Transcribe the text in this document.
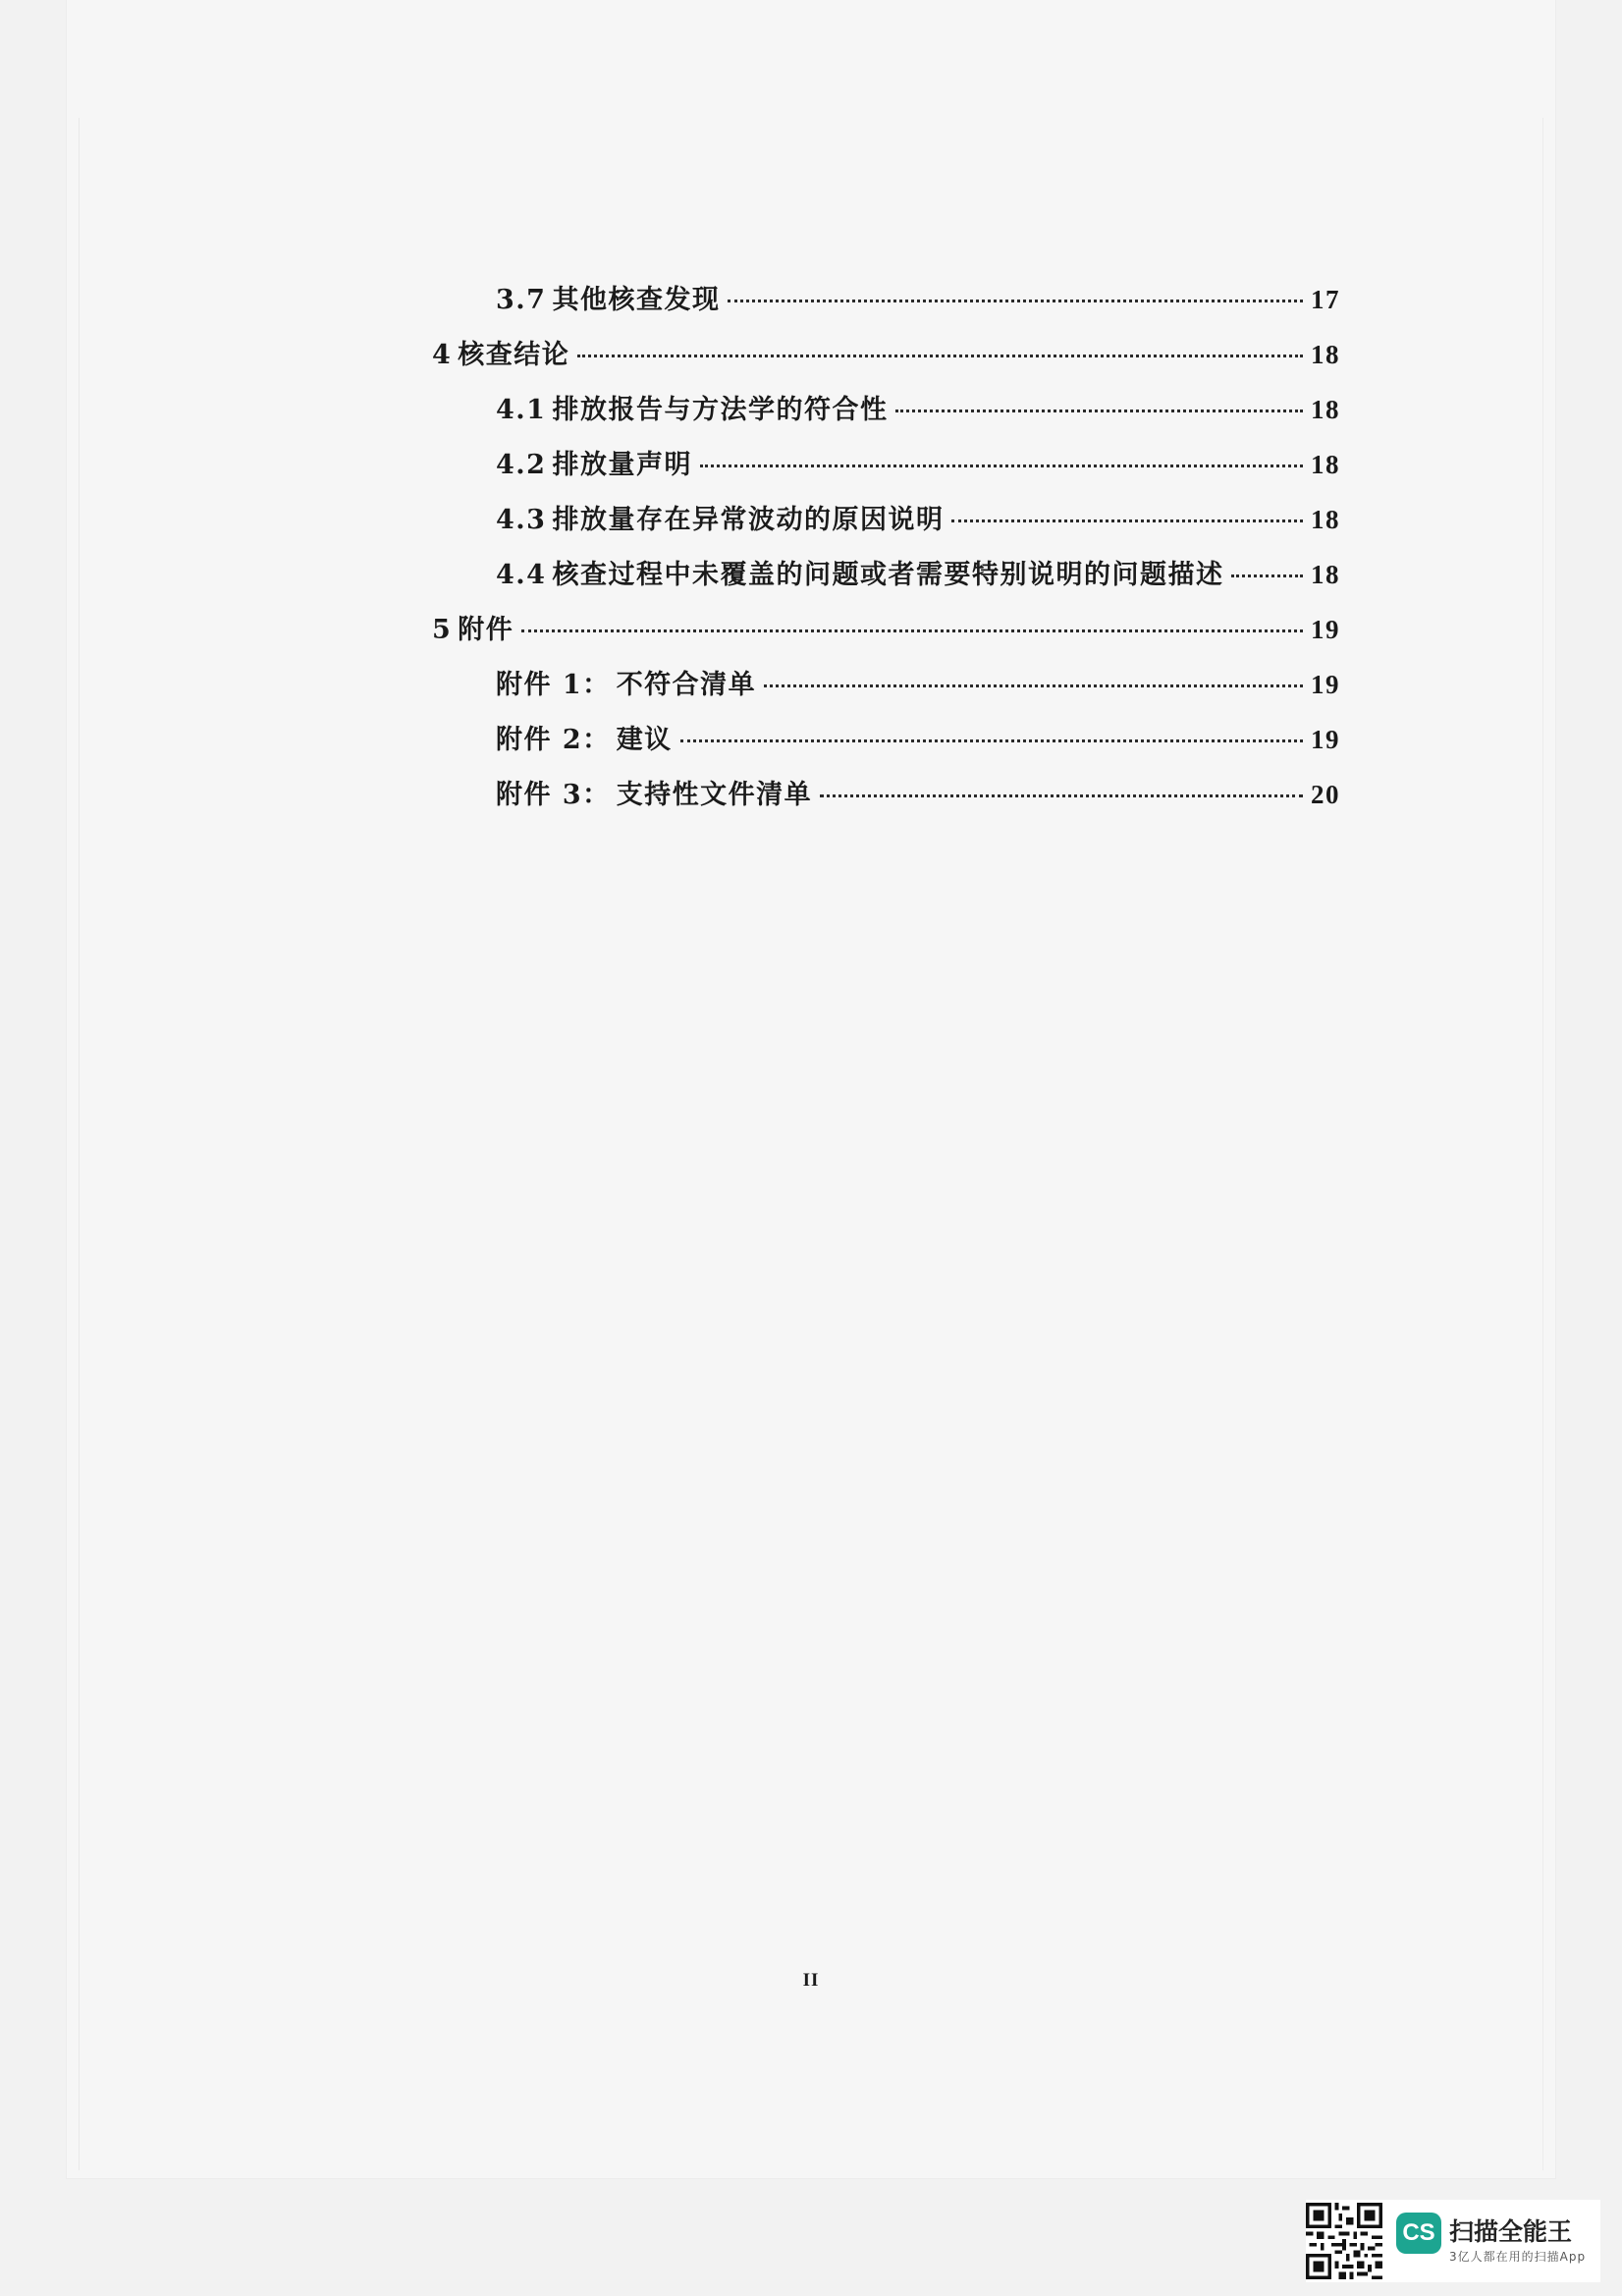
3.7 其他核查发现	17
4 核查结论	18
4.1 排放报告与方法学的符合性	18
4.2 排放量声明	18
4.3 排放量存在异常波动的原因说明	18
4.4 核查过程中未覆盖的问题或者需要特别说明的问题描述	18
5 附件	19
附件 1： 不符合清单	19
附件 2： 建议	19
附件 3： 支持性文件清单	20
II
CS 扫描全能王
3亿人都在用的扫描App
